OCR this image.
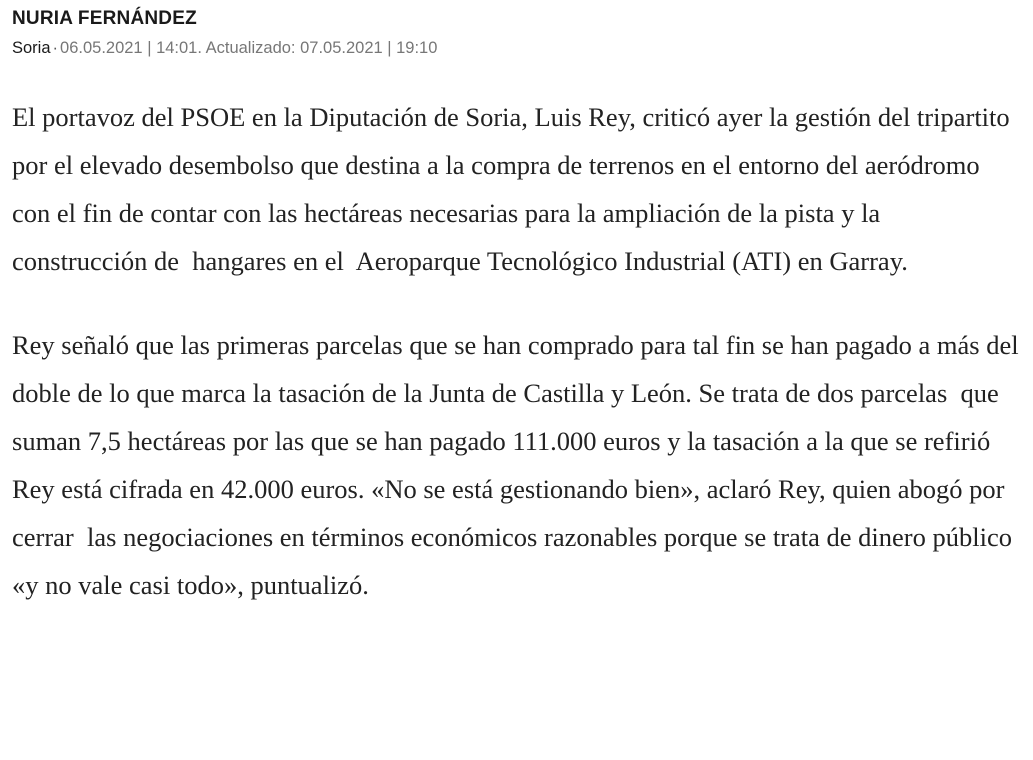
NURIA FERNÁNDEZ
Soria · 06.05.2021 | 14:01. Actualizado: 07.05.2021 | 19:10

El portavoz del PSOE en la Diputación de Soria, Luis Rey, criticó ayer la gestión del tripartito por el elevado desembolso que destina a la compra de terrenos en el entorno del aeródromo con el fin de contar con las hectáreas necesarias para la ampliación de la pista y la construcción de  hangares en el  Aeroparque Tecnológico Industrial (ATI) en Garray.

Rey señaló que las primeras parcelas que se han comprado para tal fin se han pagado a más del doble de lo que marca la tasación de la Junta de Castilla y León. Se trata de dos parcelas  que suman 7,5 hectáreas por las que se han pagado 111.000 euros y la tasación a la que se refirió Rey está cifrada en 42.000 euros. «No se está gestionando bien», aclaró Rey, quien abogó por cerrar  las negociaciones en términos económicos razonables porque se trata de dinero público «y no vale casi todo», puntualizó.
